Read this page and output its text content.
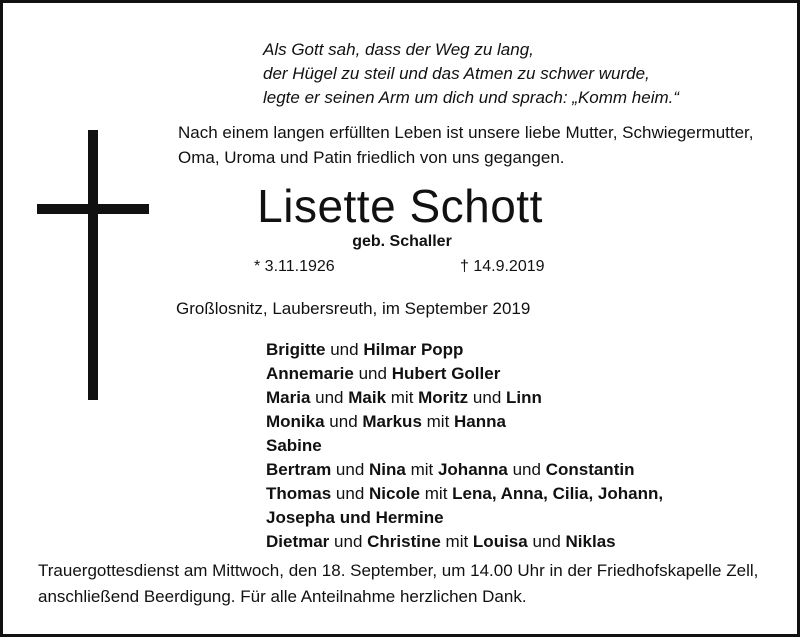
Als Gott sah, dass der Weg zu lang,
der Hügel zu steil und das Atmen zu schwer wurde,
legte er seinen Arm um dich und sprach: „Komm heim.“

Nach einem langen erfüllten Leben ist unsere liebe Mutter, Schwiegermutter,
Oma, Uroma und Patin friedlich von uns gegangen.

Lisette Schott

geb. Schaller

* 3.11.1926	† 14.9.2019
Großlosnitz, Laubersreuth, im September 2019
Brigitte und Hilmar Popp
Annemarie und Hubert Goller
Maria und Maik mit Moritz und Linn
Monika und Markus mit Hanna
Sabine
Bertram und Nina mit Johanna und Constantin
Thomas und Nicole mit Lena, Anna, Cilia, Johann,
Josepha und Hermine
Dietmar und Christine mit Louisa und Niklas

Trauergottesdienst am Mittwoch, den 18. September, um 14.00 Uhr in der Friedhofskapelle Zell,
anschließend Beerdigung. Für alle Anteilnahme herzlichen Dank.
